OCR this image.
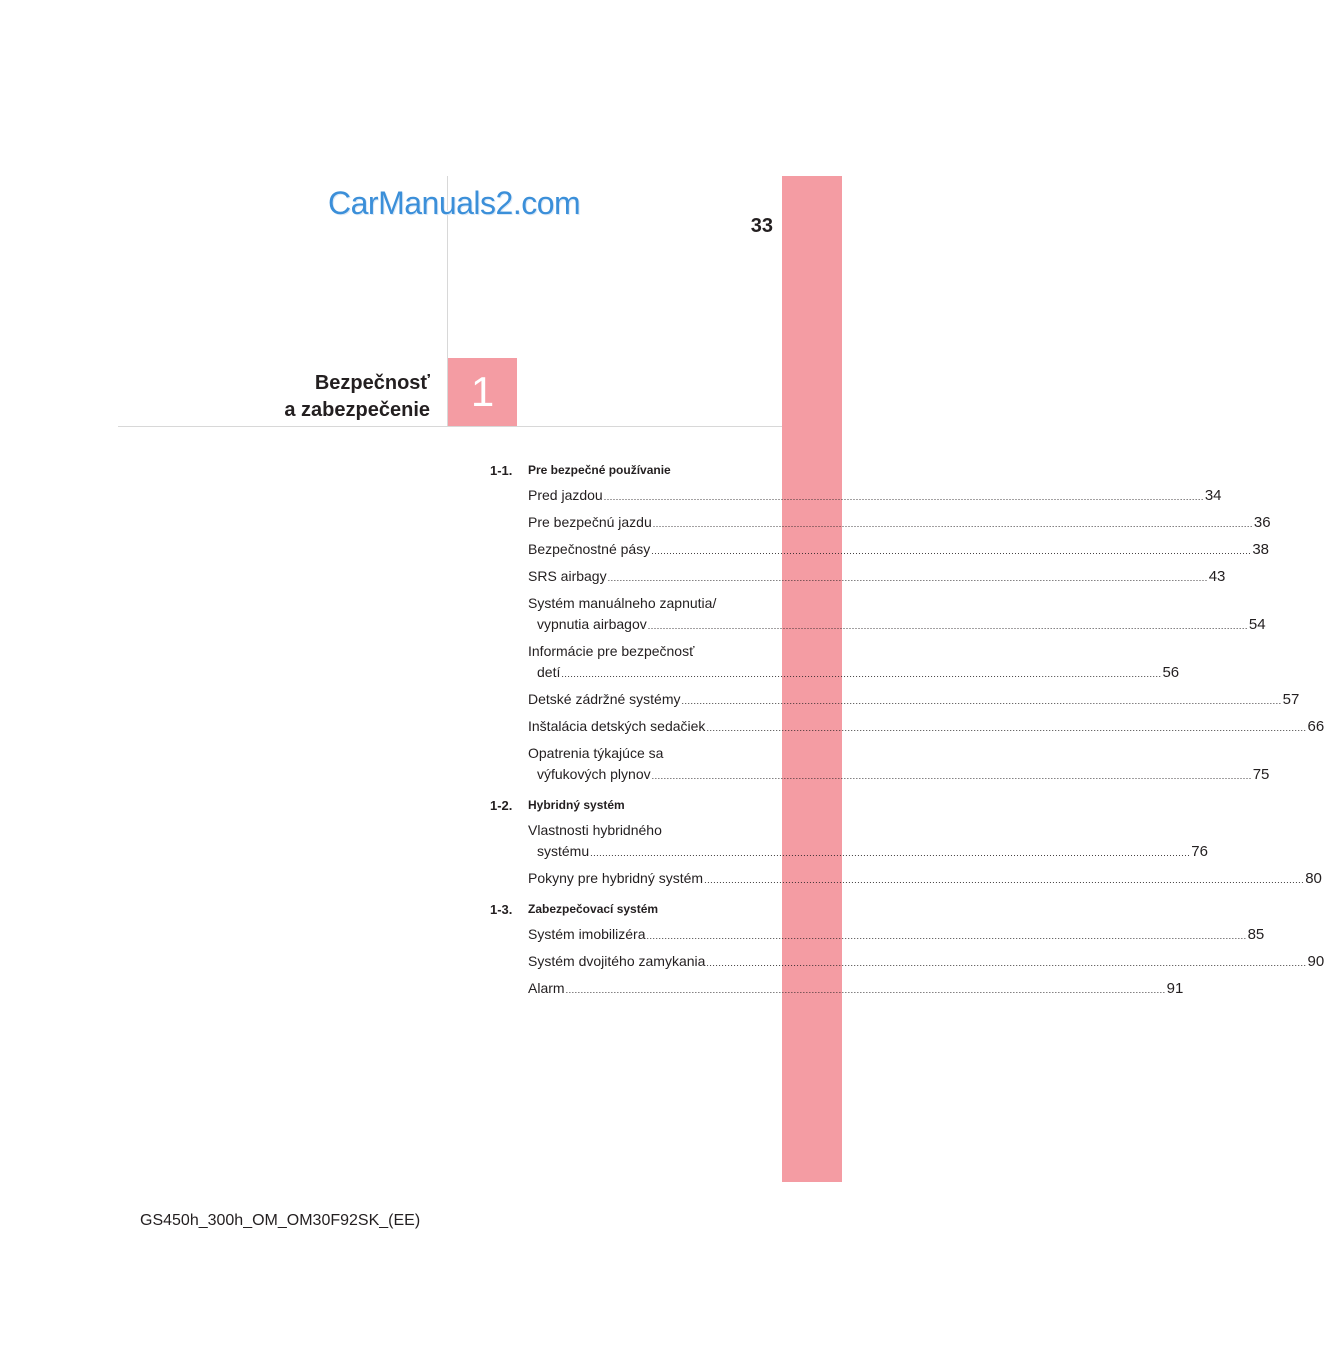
1
CarManuals2.com
33
Bezpečnosť
a zabezpečenie
1-1. Pre bezpečné používanie
Pred jazdou ........................................................................................................................................................................................................ 34
Pre bezpečnú jazdu ........................................................................................................................................................................................................ 36
Bezpečnostné pásy ........................................................................................................................................................................................................ 38
SRS airbagy ........................................................................................................................................................................................................ 43
Systém manuálneho zapnutia/
vypnutia airbagov ........................................................................................................................................................................................................ 54
Informácie pre bezpečnosť
detí ........................................................................................................................................................................................................ 56
Detské zádržné systémy ........................................................................................................................................................................................................ 57
Inštalácia detských sedačiek ........................................................................................................................................................................................................ 66
Opatrenia týkajúce sa
výfukových plynov ........................................................................................................................................................................................................ 75
1-2. Hybridný systém
Vlastnosti hybridného
systému ........................................................................................................................................................................................................ 76
Pokyny pre hybridný systém ........................................................................................................................................................................................................ 80
1-3. Zabezpečovací systém
Systém imobilizéra ........................................................................................................................................................................................................ 85
Systém dvojitého zamykania ........................................................................................................................................................................................................ 90
Alarm ........................................................................................................................................................................................................ 91
GS450h_300h_OM_OM30F92SK_(EE)
